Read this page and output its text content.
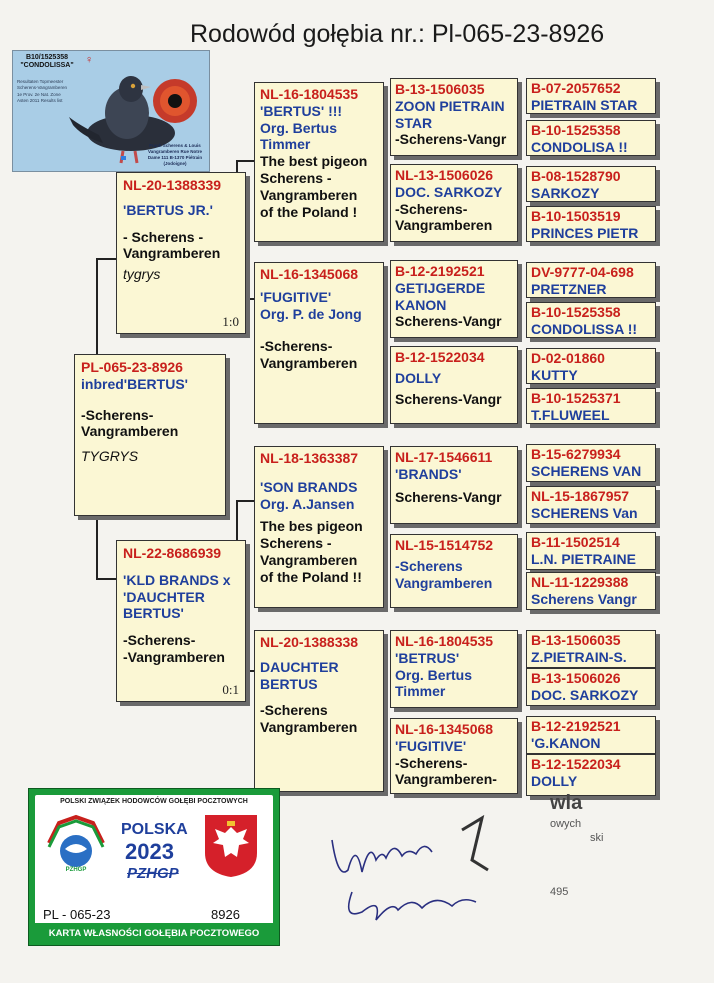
Rodowód gołębia nr.: Pl-065-23-8926
B10/1525358 "CONDOLISSA"	♀
Resultaten Topmeester Scherens-Vangramberen 1e Prov. 2e Nat. Zone Asten 2011 Results list
Frank Scherens & Louis Vangramberen Rue Notre Dame 111 B-1370 Piétrain (Jodoigne)
PL-065-23-8926
inbred'BERTUS'
-Scherens-
Vangramberen
TYGRYS
NL-20-1388339
'BERTUS JR.'
- Scherens -
Vangramberen
tygrys
1:0
NL-22-8686939
'KLD BRANDS x
'DAUCHTER
BERTUS'
-Scherens-
-Vangramberen
0:1
NL-16-1804535
'BERTUS' !!!
Org. Bertus
Timmer
The best pigeon
Scherens -
Vangramberen
of the Poland !
NL-16-1345068
'FUGITIVE'
Org. P. de Jong
-Scherens-
Vangramberen
NL-18-1363387
'SON BRANDS
Org. A.Jansen
The bes pigeon
Scherens -
Vangramberen
of the Poland !!
NL-20-1388338
DAUCHTER
BERTUS
-Scherens
Vangramberen
B-13-1506035
ZOON PIETRAIN
STAR
-Scherens-Vangr
NL-13-1506026
DOC. SARKOZY
-Scherens-
Vangramberen
B-12-2192521
GETIJGERDE
KANON
Scherens-Vangr
B-12-1522034
DOLLY
Scherens-Vangr
NL-17-1546611
'BRANDS'
Scherens-Vangr
NL-15-1514752
-Scherens
Vangramberen
NL-16-1804535
'BETRUS'
Org. Bertus
Timmer
NL-16-1345068
'FUGITIVE'
-Scherens-
Vangramberen-
B-07-2057652
PIETRAIN STAR
B-10-1525358
CONDOLISA !!
B-08-1528790
SARKOZY
B-10-1503519
PRINCES PIETR
DV-9777-04-698
PRETZNER
B-10-1525358
CONDOLISSA !!
D-02-01860
KUTTY
B-10-1525371
T.FLUWEEL
B-15-6279934
SCHERENS VAN
NL-15-1867957
SCHERENS Van
B-11-1502514
L.N. PIETRAINE
NL-11-1229388
Scherens Vangr
B-13-1506035
Z.PIETRAIN-S.
B-13-1506026
DOC. SARKOZY
B-12-2192521
'G.KANON
B-12-1522034
DOLLY
POLSKI ZWIĄZEK HODOWCÓW GOŁĘBI POCZTOWYCH
PZHGP
POLSKA
2023
PZHGP
PL - 065-23	8926
KARTA WŁASNOŚCI GOŁĘBIA POCZTOWEGO
wla
owych
ski
495
